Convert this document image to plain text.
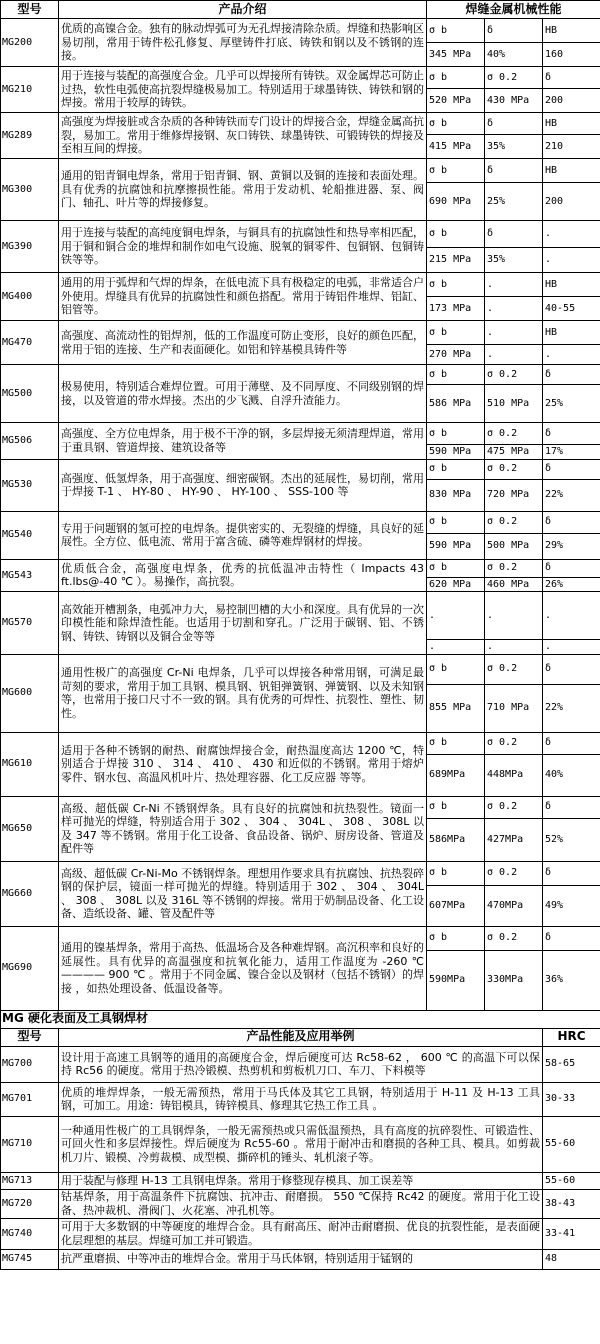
型号	产品介绍	焊缝金属机械性能		
MG200	优质的高镍合金。独有的脉动焊弧可为无孔焊接清除杂质。焊缝和热影响区易切削，常用于铸件松孔修复、厚壁铸件打底、铸铁和钢以及不锈钢的连接。	σ b	δ	HB
		345 MPa	40%	160
MG210	用于连接与装配的高强度合金。几乎可以焊接所有铸铁。双金属焊芯可防止过热，软性电弧使高抗裂焊缝极易加工。特别适用于球墨铸铁、铸铁和钢的焊接。常用于较厚的铸铁。	σ b	σ 0.2	δ
		520 MPa	430 MPa	200
MG289	高强度为焊接脏或含杂质的各种铸铁而专门设计的焊接合金，焊缝金属高抗裂，易加工。常用于维修焊接钢、灰口铸铁、球墨铸铁、可锻铸铁的焊接及至相互间的焊接。	σ b	δ	HB
		415 MPa	35%	210
MG300	通用的铝青铜电焊条，常用于铝青铜、钢、黄铜以及铜的连接和表面处理。具有优秀的抗腐蚀和抗摩擦损性能。常用于发动机、轮船推进器、泵、阀门、轴孔、叶片等的焊接修复。	σ b	δ	HB
		690 MPa	25%	200
MG390	用于连接与装配的高纯度铜电焊条，与铜具有的抗腐蚀性和热导率相匹配，用于铜和铜合金的堆焊和制作如电气设施、脱氧的铜零件、包铜钢、包铜铸铁等等。	σ b	δ	.
		215 MPa	35%	.
MG400	通用的用于弧焊和气焊的焊条，在低电流下具有极稳定的电弧，非常适合户外使用。焊缝具有优异的抗腐蚀性和颜色搭配。常用于铸铝件堆焊、铝缸、铝管等。	σ b	.	HB
		173 MPa	.	40-55
MG470	高强度、高流动性的铝焊剂，低的工作温度可防止变形，良好的颜色匹配，常用于铝的连接、生产和表面硬化。如铝和锌基模具铸件等	σ b	.	HB
		270 MPa	.	.
MG500	极易使用，特别适合难焊位置。可用于薄壁、及不同厚度、不同级别钢的焊接，以及管道的带水焊接。杰出的少飞溅、自浮升渣能力。	σ b	σ 0.2	δ
		586 MPa	510 MPa	25%
MG506	高强度、全方位电焊条，用于极不干净的钢，多层焊接无须清理焊道，常用于重具钢、管道焊接、建筑设备等	σ b	σ 0.2	δ
		590 MPa	475 MPa	17%
MG530	高强度、低氢焊条，用于高强度、细密碳钢。杰出的延展性，易切削，常用于焊接 T-1 、 HY-80 、 HY-90 、 HY-100 、 SSS-100 等	σ b	σ 0.2	δ
		830 MPa	720 MPa	22%
MG540	专用于问题钢的氢可控的电焊条。提供密实的、无裂缝的焊缝，具良好的延展性。全方位、低电流、常用于富含硫、磷等难焊钢材的焊接。	σ b	σ 0.2	δ
		590 MPa	500 MPa	29%
MG543	优质低合金，高强度电焊条，优秀的抗低温冲击特性（ Impacts 43 ft.lbs@-40 ℃ ）。易操作，高抗裂。	σ b	σ 0.2	δ
		620 MPa	460 MPa	26%
MG570	高效能开槽割条，电弧冲力大，易控制凹槽的大小和深度。具有优异的一次印模性能和除焊渣性能。也适用于切割和穿孔。广泛用于碳钢、铝、不锈钢、铸铁、铸钢以及铜合金等等	.	.	.
		.	.	.
MG600	通用性极广的高强度 Cr-Ni 电焊条，几乎可以焊接各种常用钢，可满足最苛刻的要求，常用于加工具钢、模具钢、钒钼弹簧钢、弹簧钢、以及未知钢等，也常用于接口尺寸不一致的钢。具有优秀的可焊性、抗裂性、塑性、韧性。	σ b	σ 0.2	δ
		855 MPa	710 MPa	22%
MG610	适用于各种不锈钢的耐热、耐腐蚀焊接合金，耐热温度高达 1200 ℃，特别适合于焊接 310 、 314 、 410 、 430 和近似的不锈钢。常用于熔炉零件、钢水包、高温风机叶片、热处理容器、化工反应器 等等。	σ b	σ 0.2	δ
		689MPa	448MPa	40%
MG650	高级、超低碳 Cr-Ni 不锈钢焊条。具有良好的抗腐蚀和抗热裂性。镜面一样可抛光的焊缝，特别适合用于 302 、 304 、 304L 、 308 、 308L 以及 347 等不锈钢。常用于化工设备、食品设备、锅炉、厨房设备、管道及配件等	σ b	σ 0.2	δ
		586MPa	427MPa	52%
MG660	高级、超低碳 Cr-Ni-Mo 不锈钢焊条。理想用作要求具有抗腐蚀、抗热裂碎钢的保护层，镜面一样可抛光的焊缝。特别适用于 302 、 304 、 304L 、 308 、 308L 以及 316L 等不锈钢的焊接。常用于奶制品设备、化工设备、造纸设备、罐、管及配件等	σ b	σ 0.2	δ
		607MPa	470MPa	49%
MG690	通用的镍基焊条，常用于高热、低温场合及各种难焊钢。高沉积率和良好的延展性。具有优异的高温强度和抗氧化能力，适用工作温度为 -260 ℃ ———— 900 ℃ 。常用于不同金属、镍合金以及钢材（包括不锈钢）的焊接 ，如热处理设备、低温设备等。	σ b	σ 0.2	δ
		590MPa	330MPa	36%
MG 硬化表面及工具钢焊材				
型号	产品性能及应用举例			HRC
MG700	设计用于高速工具钢等的通用的高硬度合金，焊后硬度可达 Rc58-62 ， 600 ℃ 的高温下可以保持 Rc56 的硬度。常用于热冷锻模、热剪机和剪板机刀口、车刀、下料模等			58-65
MG701	优质的堆焊焊条，一般无需预热，常用于马氏体及其它工具钢，特别适用于 H-11 及 H-13 工具钢，可加工。用途：铸铝模具，铸锌模具、修理其它热工作工具 。			30-33
MG710	一种通用性极广的工具钢焊条，一般无需预热或只需低温预热，具有高度的抗碎裂性、可锻造性、可回火性和多层焊接性。焊后硬度为 Rc55-60 。常用于耐冲击和磨损的各种工具、模具。如剪裁机刀片、锻模、冷剪裁模、成型模、撕碎机的锤头、轧机滚子等。			55-60
MG713	用于装配与修理 H-13 工具钢电焊条。常用于修整现存模具、加工误差等			55-60
MG720	钴基焊条，用于高温条件下抗腐蚀、抗冲击、耐磨损。 550 ℃保持 Rc42 的硬度。常用于化工设备、热冲裁机、滑阀门、火花塞、冲孔机等。			38-43
MG740	可用于大多数钢的中等硬度的堆焊合金。具有耐高压、耐冲击耐磨损、优良的抗裂性能，是表面硬化层理想的基层。焊缝可加工并可锻造。			33-41
MG745	抗严重磨损、中等冲击的堆焊合金。常用于马氏体钢，特别适用于锰钢的			48
